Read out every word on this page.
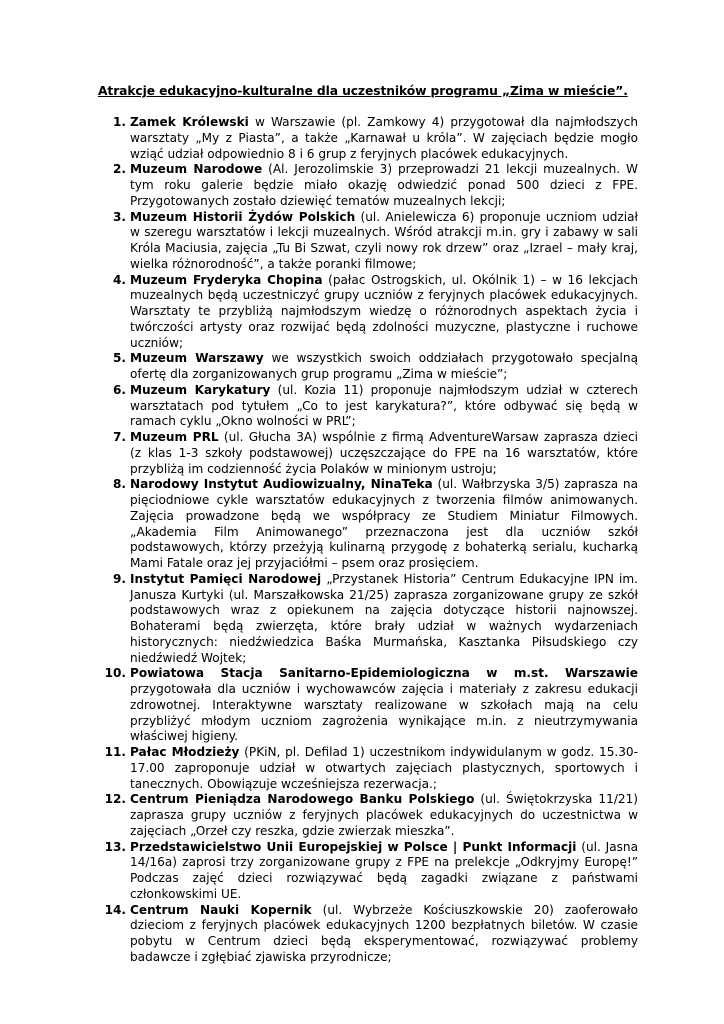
Atrakcje edukacyjno-kulturalne dla uczestników programu „Zima w mieście”.
1. Zamek Królewski w Warszawie (pl. Zamkowy 4) przygotował dla najmłodszych warsztaty „My z Piasta”, a także „Karnawał u króla”. W zajęciach będzie mogło wziąć udział odpowiednio 8 i 6 grup z feryjnych placówek edukacyjnych.
2. Muzeum Narodowe (Al. Jerozolimskie 3) przeprowadzi 21 lekcji muzealnych. W tym roku galerie będzie miało okazję odwiedzić ponad 500 dzieci z FPE. Przygotowanych zostało dziewięć tematów muzealnych lekcji;
3. Muzeum Historii Żydów Polskich (ul. Anielewicza 6) proponuje uczniom udział w szeregu warsztatów i lekcji muzealnych. Wśród atrakcji m.in. gry i zabawy w sali Króla Maciusia, zajęcia „Tu Bi Szwat, czyli nowy rok drzew” oraz „Izrael – mały kraj, wielka różnorodność”, a także poranki filmowe;
4. Muzeum Fryderyka Chopina (pałac Ostrogskich, ul. Okólnik 1) – w 16 lekcjach muzealnych będą uczestniczyć grupy uczniów z feryjnych placówek edukacyjnych. Warsztaty te przybliżą najmłodszym wiedzę o różnorodnych aspektach życia i twórczości artysty oraz rozwijać będą zdolności muzyczne, plastyczne i ruchowe uczniów;
5. Muzeum Warszawy we wszystkich swoich oddziałach przygotowało specjalną ofertę dla zorganizowanych grup programu „Zima w mieście”;
6. Muzeum Karykatury (ul. Kozia 11) proponuje najmłodszym udział w czterech warsztatach pod tytułem „Co to jest karykatura?”, które odbywać się będą w ramach cyklu „Okno wolności w PRL”;
7. Muzeum PRL (ul. Głucha 3A) wspólnie z firmą AdventureWarsaw zaprasza dzieci (z klas 1-3 szkoły podstawowej) uczęszczające do FPE na 16 warsztatów, które przybliżą im codzienność życia Polaków w minionym ustroju;
8. Narodowy Instytut Audiowizualny, NinaTeka (ul. Wałbrzyska 3/5) zaprasza na pięciodniowe cykle warsztatów edukacyjnych z tworzenia filmów animowanych. Zajęcia prowadzone będą we współpracy ze Studiem Miniatur Filmowych. „Akademia Film Animowanego” przeznaczona jest dla uczniów szkół podstawowych, którzy przeżyją kulinarną przygodę z bohaterką serialu, kucharką Mami Fatale oraz jej przyjaciółmi – psem oraz prosięciem.
9. Instytut Pamięci Narodowej „Przystanek Historia” Centrum Edukacyjne IPN im. Janusza Kurtyki (ul. Marszałkowska 21/25) zaprasza zorganizowane grupy ze szkół podstawowych wraz z opiekunem na zajęcia dotyczące historii najnowszej. Bohaterami będą zwierzęta, które brały udział w ważnych wydarzeniach historycznych: niedźwiedzica Baśka Murmańska, Kasztanka Piłsudskiego czy niedźwiedź Wojtek;
10. Powiatowa Stacja Sanitarno-Epidemiologiczna w m.st. Warszawie przygotowała dla uczniów i wychowawców zajęcia i materiały z zakresu edukacji zdrowotnej. Interaktywne warsztaty realizowane w szkołach mają na celu przybliżyć młodym uczniom zagrożenia wynikające m.in. z nieutrzymywania właściwej higieny.
11. Pałac Młodzieży (PKiN, pl. Defilad 1) uczestnikom indywidulanym w godz. 15.30-17.00 zaproponuje udział w otwartych zajęciach plastycznych, sportowych i tanecznych. Obowiązuje wcześniejsza rezerwacja.;
12. Centrum Pieniądza Narodowego Banku Polskiego (ul. Świętokrzyska 11/21) zaprasza grupy uczniów z feryjnych placówek edukacyjnych do uczestnictwa w zajęciach „Orzeł czy reszka, gdzie zwierzak mieszka”.
13. Przedstawicielstwo Unii Europejskiej w Polsce | Punkt Informacji (ul. Jasna 14/16a) zaprosi trzy zorganizowane grupy z FPE na prelekcje „Odkryjmy Europę!” Podczas zajęć dzieci rozwiązywać będą zagadki związane z państwami członkowskimi UE.
14. Centrum Nauki Kopernik (ul. Wybrzeże Kościuszkowskie 20) zaoferowało dzieciom z feryjnych placówek edukacyjnych 1200 bezpłatnych biletów. W czasie pobytu w Centrum dzieci będą eksperymentować, rozwiązywać problemy badawcze i zgłębiać zjawiska przyrodnicze;
